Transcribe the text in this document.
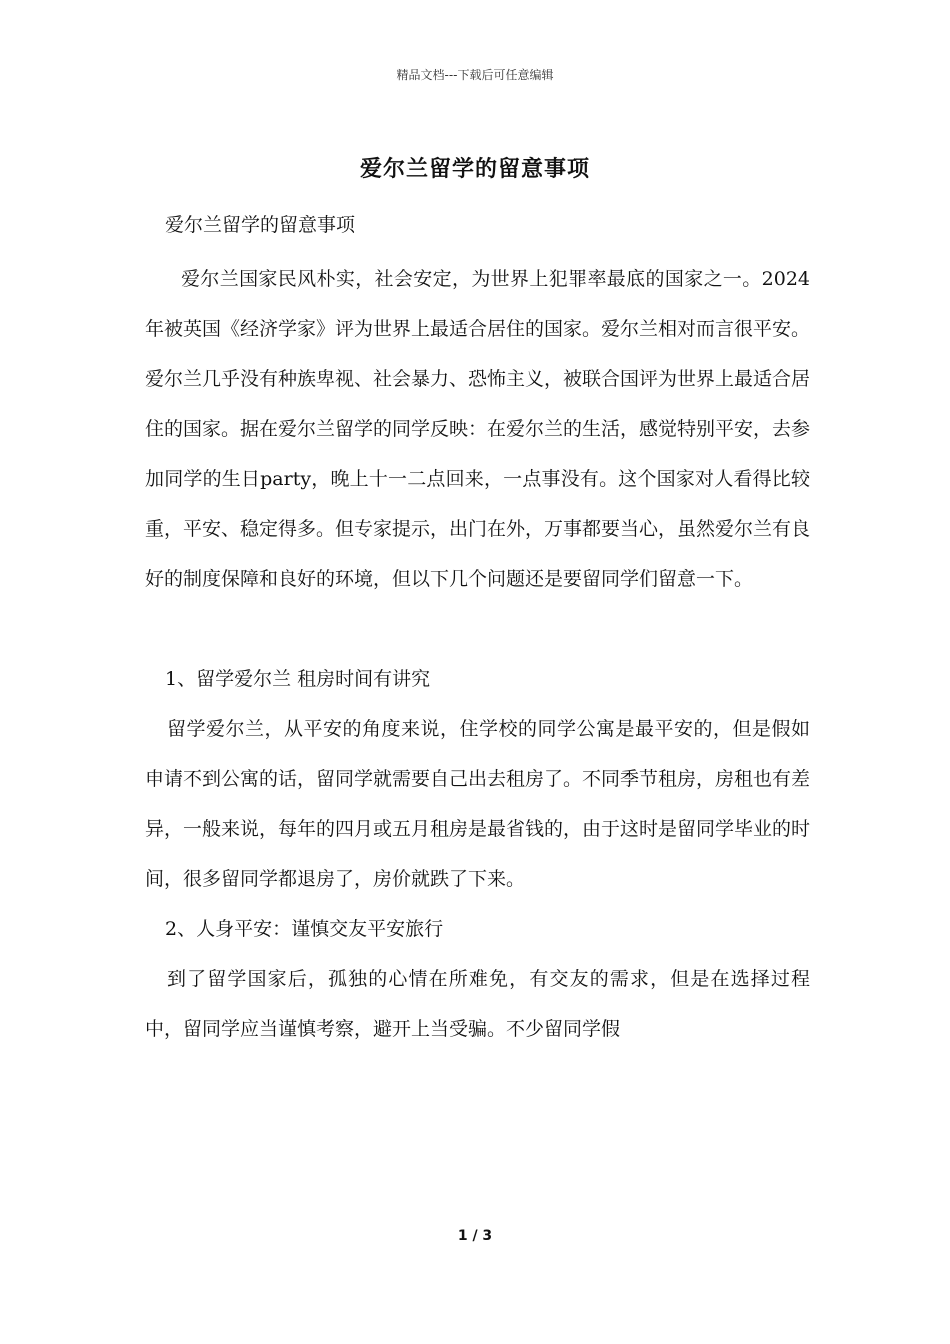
精品文档---下载后可任意编辑
爱尔兰留学的留意事项

爱尔兰留学的留意事项

爱尔兰国家民风朴实，社会安定，为世界上犯罪率最底的国家之一。2024年被英国《经济学家》评为世界上最适合居住的国家。爱尔兰相对而言很平安。爱尔兰几乎没有种族卑视、社会暴力、恐怖主义，被联合国评为世界上最适合居住的国家。据在爱尔兰留学的同学反映：在爱尔兰的生活，感觉特别平安，去参加同学的生日party，晚上十一二点回来，一点事没有。这个国家对人看得比较重，平安、稳定得多。但专家提示，出门在外，万事都要当心，虽然爱尔兰有良好的制度保障和良好的环境，但以下几个问题还是要留同学们留意一下。

1、留学爱尔兰 租房时间有讲究

留学爱尔兰，从平安的角度来说，住学校的同学公寓是最平安的，但是假如申请不到公寓的话，留同学就需要自己出去租房了。不同季节租房，房租也有差异，一般来说，每年的四月或五月租房是最省钱的，由于这时是留同学毕业的时间，很多留同学都退房了，房价就跌了下来。

2、人身平安：谨慎交友平安旅行

到了留学国家后，孤独的心情在所难免，有交友的需求，但是在选择过程中，留同学应当谨慎考察，避开上当受骗。不少留同学假

1 / 3
